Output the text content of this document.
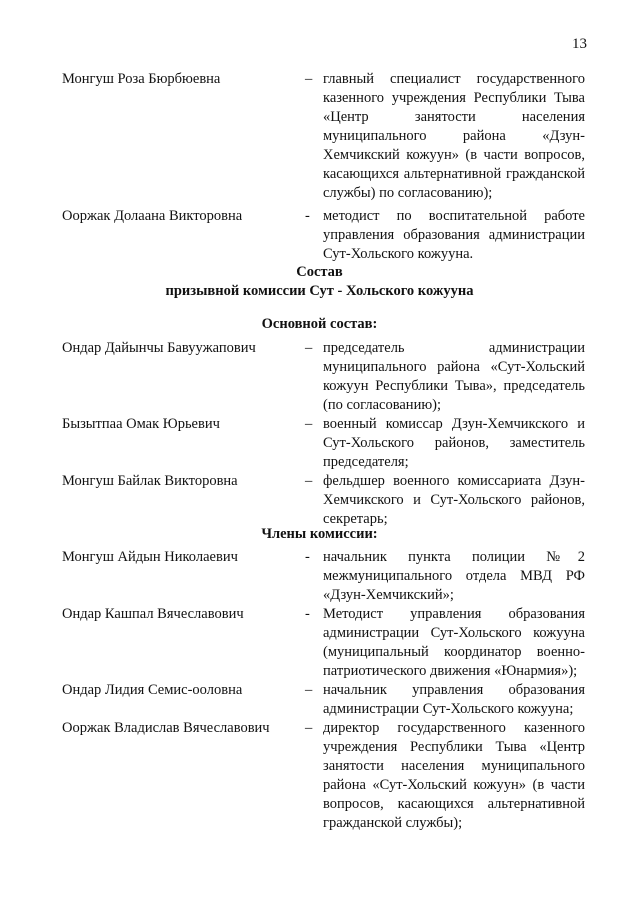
13
Монгуш Роза Бюрбюевна	– главный специалист государственного казенного учреждения Республики Тыва «Центр занятости населения муниципального района «Дзун-Хемчикский кожуун» (в части вопросов, касающихся альтернативной гражданской службы) по согласованию);
Ооржак Долаана Викторовна	- методист по воспитательной работе управления образования администрации Сут-Хольского кожууна.
Состав
призывной комиссии Сут - Хольского кожууна
Основной состав:
Ондар Дайынчы Бавуужапович	– председатель администрации муниципального района «Сут-Хольский кожуун Республики Тыва», председатель (по согласованию);
Бызытпаа Омак Юрьевич	– военный комиссар Дзун-Хемчикского и Сут-Хольского районов, заместитель председателя;
Монгуш Байлак Викторовна	– фельдшер военного комиссариата Дзун-Хемчикского и Сут-Хольского районов, секретарь;
Члены комиссии:
Монгуш Айдын Николаевич	- начальник пункта полиции №2 межмуниципального отдела МВД РФ «Дзун-Хемчикский»;
Ондар Кашпал Вячеславович	- Методист управления образования администрации Сут-Хольского кожууна (муниципальный координатор военно-патриотического движения «Юнармия»);
Ондар Лидия Семис-ооловна	– начальник управления образования администрации Сут-Хольского кожууна;
Ооржак Владислав Вячеславович – директор государственного казенного учреждения Республики Тыва «Центр занятости населения муниципального района «Сут-Хольский кожуун» (в части вопросов, касающихся альтернативной гражданской службы);
